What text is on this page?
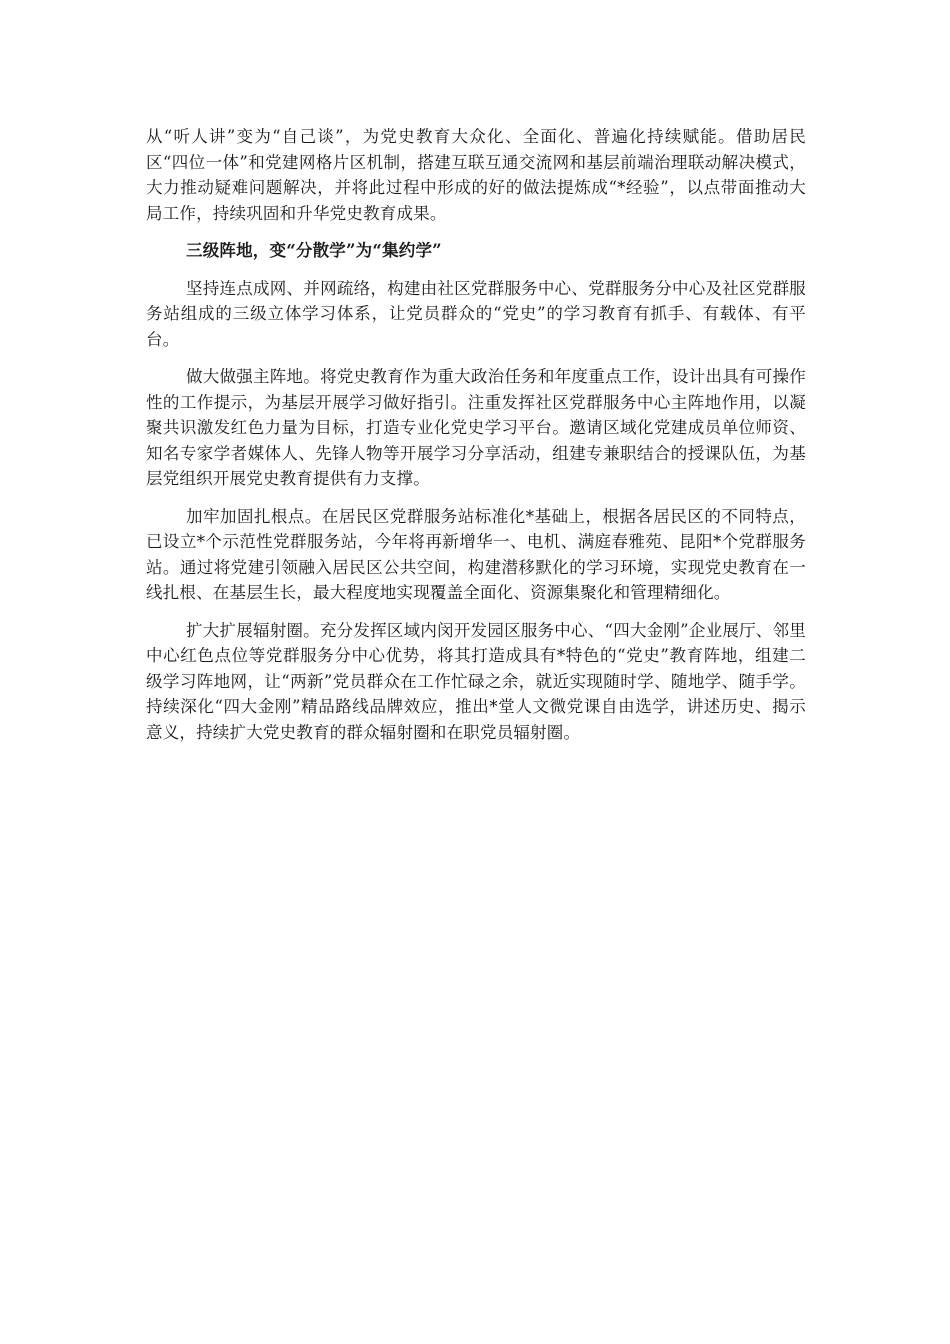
从“听人讲”变为“自己谈”，为党史教育大众化、全面化、普遍化持续赋能。借助居民区“四位一体”和党建网格片区机制，搭建互联互通交流网和基层前端治理联动解决模式，大力推动疑难问题解决，并将此过程中形成的好的做法提炼成“*经验”，以点带面推动大局工作，持续巩固和升华党史教育成果。

三级阵地，变“分散学”为“集约学”

坚持连点成网、并网疏络，构建由社区党群服务中心、党群服务分中心及社区党群服务站组成的三级立体学习体系，让党员群众的“党史”的学习教育有抓手、有载体、有平台。

做大做强主阵地。将党史教育作为重大政治任务和年度重点工作，设计出具有可操作性的工作提示，为基层开展学习做好指引。注重发挥社区党群服务中心主阵地作用，以凝聚共识激发红色力量为目标，打造专业化党史学习平台。邀请区域化党建成员单位师资、知名专家学者媒体人、先锋人物等开展学习分享活动，组建专兼职结合的授课队伍，为基层党组织开展党史教育提供有力支撑。

加牢加固扎根点。在居民区党群服务站标准化*基础上，根据各居民区的不同特点，已设立*个示范性党群服务站，今年将再新增华一、电机、满庭春雅苑、昆阳*个党群服务站。通过将党建引领融入居民区公共空间，构建潜移默化的学习环境，实现党史教育在一线扎根、在基层生长，最大程度地实现覆盖全面化、资源集聚化和管理精细化。

扩大扩展辐射圈。充分发挥区域内闵开发园区服务中心、“四大金刚”企业展厅、邻里中心红色点位等党群服务分中心优势，将其打造成具有*特色的“党史”教育阵地，组建二级学习阵地网，让“两新”党员群众在工作忙碌之余，就近实现随时学、随地学、随手学。持续深化“四大金刚”精品路线品牌效应，推出*堂人文微党课自由选学，讲述历史、揭示意义，持续扩大党史教育的群众辐射圈和在职党员辐射圈。
